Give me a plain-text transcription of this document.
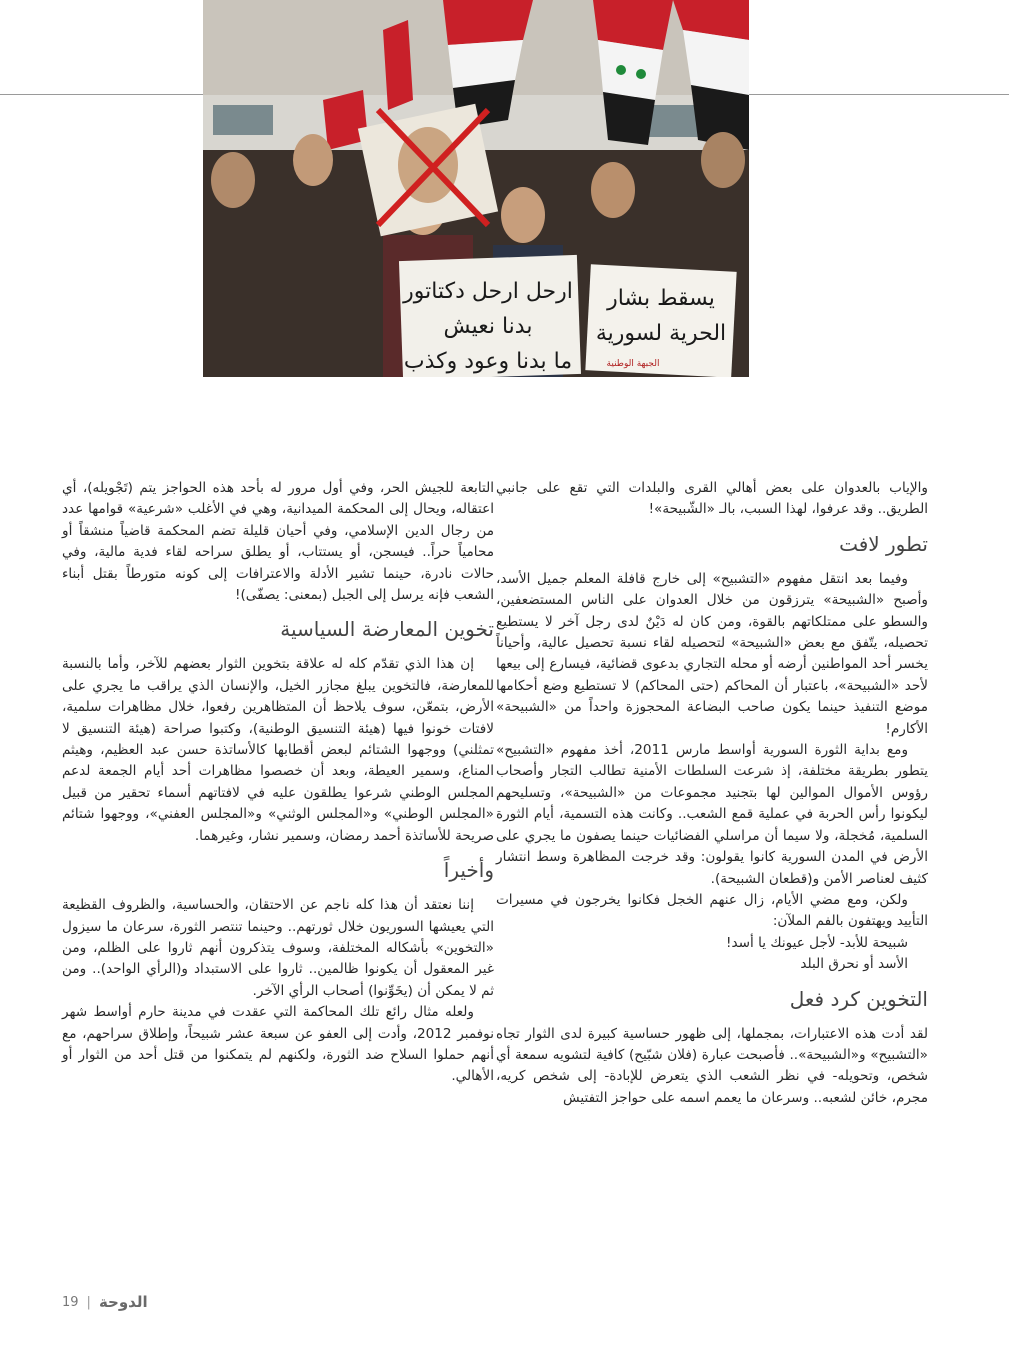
ارحل ارحل دكتاتور
بدنا نعيش
ما بدنا وعود وكذب
يسقط بشار
الحرية لسورية
الجبهة الوطنية

والإياب بالعدوان على بعض أهالي القرى والبلدات التي تقع على جانبي الطريق.. وقد عرفوا، لهذا السبب، بالـ «الشّبيحة»!

تطور لافت

وفيما بعد انتقل مفهوم «التشبيح» إلى خارج قافلة المعلم جميل الأسد، وأصبح «الشبيحة» يترزقون من خلال العدوان على الناس المستضعفين، والسطو على ممتلكاتهم بالقوة، ومن كان له دَيْنٌ لدى رجل آخر لا يستطيع تحصيله، يتّفق مع بعض «الشبيحة» لتحصيله لقاء نسبة تحصيل عالية، وأحياناً يخسر أحد المواطنين أرضه أو محله التجاري بدعوى قضائية، فيسارع إلى بيعها لأحد «الشبيحة»، باعتبار أن المحاكم (حتى المحاكم) لا تستطيع وضع أحكامها موضع التنفيذ حينما يكون صاحب البضاعة المحجوزة واحداً من «الشبيحة» الأكارم!

ومع بداية الثورة السورية أواسط مارس 2011، أخذ مفهوم «التشبيح» يتطور بطريقة مختلفة، إذ شرعت السلطات الأمنية تطالب التجار وأصحاب رؤوس الأموال الموالين لها بتجنيد مجموعات من «الشبيحة»، وتسليحهم ليكونوا رأس الحربة في عملية قمع الشعب.. وكانت هذه التسمية، أيام الثورة السلمية، مُخجلة، ولا سيما أن مراسلي الفضائيات حينما يصفون ما يجري على الأرض في المدن السورية كانوا يقولون: وقد خرجت المظاهرة وسط انتشار كثيف لعناصر الأمن و(قطعان الشبيحة).

ولكن، ومع مضي الأيام، زال عنهم الخجل فكانوا يخرجون في مسيرات التأييد ويهتفون بالفم الملآن:

شبيحة للأبد- لأجل عيونك يا أسد!

الأسد أو نحرق البلد

التخوين كرد فعل

لقد أدت هذه الاعتبارات، بمجملها، إلى ظهور حساسية كبيرة لدى الثوار تجاه «التشبيح» و«الشبيحة».. فأصبحت عبارة (فلان شبّيح) كافية لتشويه سمعة أي شخص، وتحويله- في نظر الشعب الذي يتعرض للإبادة- إلى شخص كريه، مجرم، خائن لشعبه.. وسرعان ما يعمم اسمه على حواجز التفتيش

التابعة للجيش الحر، وفي أول مرور له بأحد هذه الحواجز يتم (تَجْويله)، أي اعتقاله، ويحال إلى المحكمة الميدانية، وهي في الأغلب «شرعية» قوامها عدد من رجال الدين الإسلامي، وفي أحيان قليلة تضم المحكمة قاضياً منشقاً أو محامياً حراً.. فيسجن، أو يستتاب، أو يطلق سراحه لقاء فدية مالية، وفي حالات نادرة، حينما تشير الأدلة والاعترافات إلى كونه متورطاً بقتل أبناء الشعب فإنه يرسل إلى الجبل (بمعنى: يصفّى)!

تخوين المعارضة السياسية

إن هذا الذي تقدّم كله له علاقة بتخوين الثوار بعضهم للآخر، وأما بالنسبة للمعارضة، فالتخوين يبلغ مجازر الخيل، والإنسان الذي يراقب ما يجري على الأرض، بتمعّن، سوف يلاحظ أن المتظاهرين رفعوا، خلال مظاهرات سلمية، لافتات خونوا فيها (هيئة التنسيق الوطنية)، وكتبوا صراحة (هيئة التنسيق لا تمثلني) ووجهوا الشتائم لبعض أقطابها كالأساتذة حسن عبد العظيم، وهيثم المناع، وسمير العيطة، وبعد أن خصصوا مظاهرات أحد أيام الجمعة لدعم المجلس الوطني شرعوا يطلقون عليه في لافتاتهم أسماء تحقير من قبيل «المجلس الوطني» و«المجلس الوثني» و«المجلس العفني»، ووجهوا شتائم صريحة للأساتذة أحمد رمضان، وسمير نشار، وغيرهما.

وأخيراً

إننا نعتقد أن هذا كله ناجم عن الاحتقان، والحساسية، والظروف القظيعة التي يعيشها السوريون خلال ثورتهم.. وحينما تنتصر الثورة، سرعان ما سيزول «التخوين» بأشكاله المختلفة، وسوف يتذكرون أنهم ثاروا على الظلم، ومن غير المعقول أن يكونوا ظالمين.. ثاروا على الاستبداد و(الرأي الواحد).. ومن ثم لا يمكن أن (يخَوِّنوا) أصحاب الرأي الآخر.

ولعله مثال رائع تلك المحاكمة التي عقدت في مدينة حارم أواسط شهر نوفمبر 2012، وأدت إلى العفو عن سبعة عشر شبيحاً، وإطلاق سراحهم، مع أنهم حملوا السلاح ضد الثورة، ولكنهم لم يتمكنوا من قتل أحد من الثوار أو الأهالي.

19 | الدوحة
